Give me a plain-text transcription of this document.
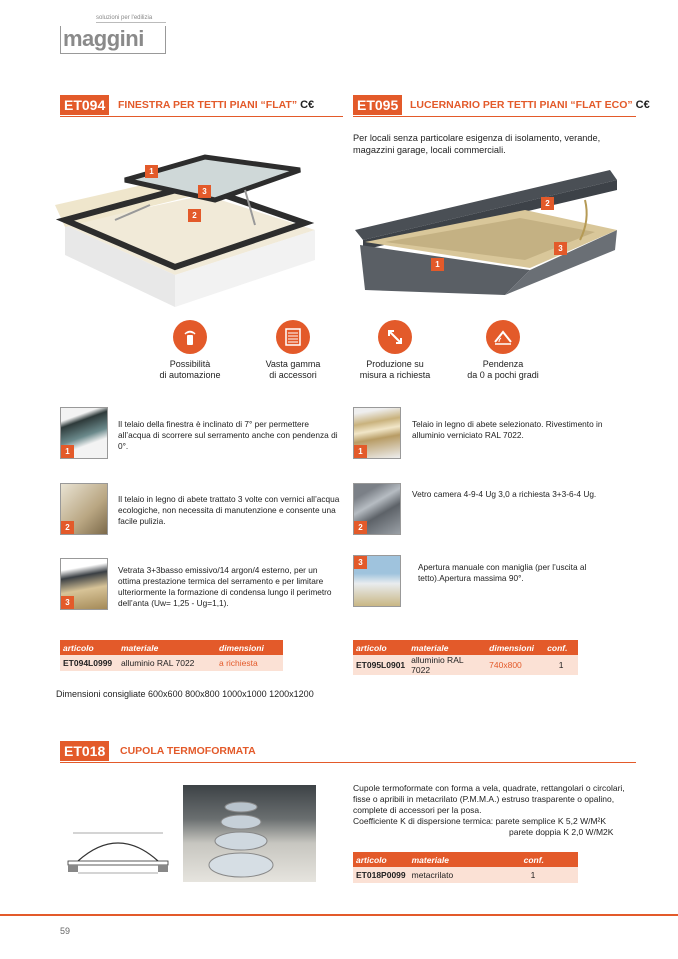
soluzioni per l'edilizia
maggini
ET094	FINESTRA PER TETTI PIANI “FLAT” C€	ET095	LUCERNARIO PER TETTI PIANI “FLAT ECO” C€
1
3
2
Per locali senza particolare esigenza di isolamento, verande, magazzini garage, locali commerciali.
2
3
1
Possibilità
di automazione
Vasta gamma
di accessori
Produzione su
misura a richiesta
Pendenza
da 0 a pochi gradi
1
Il telaio della finestra è inclinato di 7° per permettere all’acqua di scorrere sul serramento anche con pendenza di 0°.
2
Il telaio in legno di abete trattato 3 volte con vernici all’acqua ecologiche, non necessita di manutenzione e consente una facile pulizia.
3
Vetrata 3+3basso emissivo/14 argon/4 esterno, per un ottima prestazione termica del serramento e per limitare ulteriormente la formazione di condensa lungo il perimetro dell’anta (Uw= 1,25 - Ug=1,1).
1
Telaio in legno di abete selezionato. Rivestimento in alluminio verniciato RAL 7022.
2
Vetro camera 4-9-4 Ug 3,0 a richiesta 3+3-6-4 Ug.
3	Apertura manuale con maniglia (per l’uscita al tetto).Apertura massima 90°.
articolo	materiale	dimensioni
ET094L0999	alluminio RAL 7022	a richiesta
Dimensioni consigliate 600x600 800x800 1000x1000 1200x1200
articolo	materiale	dimensioni	conf.
ET095L0901	alluminio RAL 7022	740x800	1
ET018	CUPOLA TERMOFORMATA
Cupole termoformate con forma a vela, quadrate, rettangolari o circolari, fisse o apribili in metacrilato (P.M.M.A.) estruso trasparente o opalino, complete di accessori per la posa.
Coefficiente K di dispersione termica: parete semplice K 5,2 W/M²K
parete doppia K 2,0 W/M2K
articolo	materiale	conf.
ET018P0099	metacrilato	1
59
